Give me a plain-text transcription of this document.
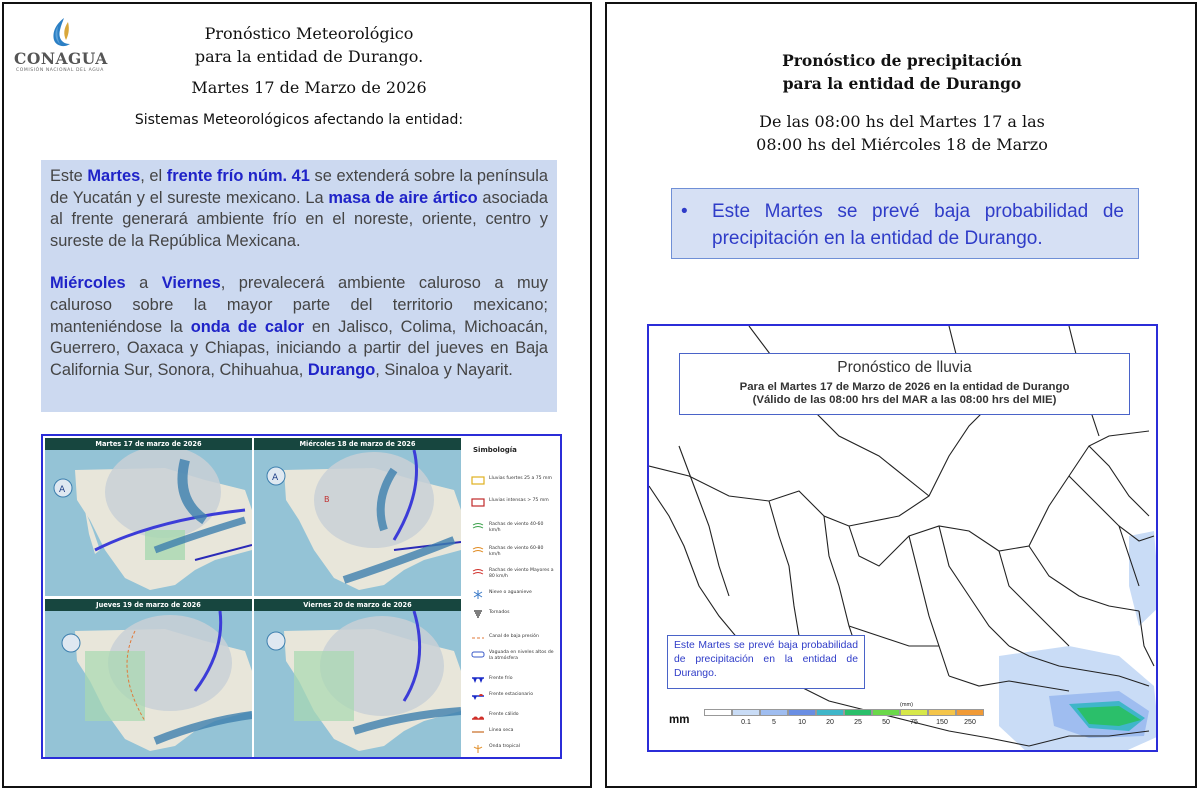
CONAGUA
COMISIÓN NACIONAL DEL AGUA
Pronóstico Meteorológico
para la entidad de Durango.
Martes 17 de Marzo de 2026
Sistemas Meteorológicos afectando la entidad:

Este Martes, el frente frío núm. 41 se extenderá sobre la península de Yucatán y el sureste mexicano. La masa de aire ártico asociada al frente generará ambiente frío en el noreste, oriente, centro y sureste de la República Mexicana.

Miércoles a Viernes, prevalecerá ambiente caluroso a muy caluroso sobre la mayor parte del territorio mexicano; manteniéndose la onda de calor en Jalisco, Colima, Michoacán, Guerrero, Oaxaca y Chiapas, iniciando a partir del jueves en Baja California Sur, Sonora, Chihuahua, Durango, Sinaloa y Nayarit.

Martes 17 de marzo de 2026
A
Miércoles 18 de marzo de 2026
A
B
Jueves 19 de marzo de 2026	Viernes 20 de marzo de 2026
Simbología
Lluvias fuertes 25 a 75 mm
Lluvias intensas > 75 mm
Rachas de viento 40-60 km/h
Rachas de viento 60-80 km/h
Rachas de viento Mayores a 80 km/h
Nieve o aguanieve
Tornados
Canal de baja presión
Vaguada en niveles altos de la atmósfera
Frente frío
Frente estacionario
Frente cálido
Línea seca
Onda tropical
Pronóstico de precipitación
para la entidad de Durango
De las 08:00 hs del Martes 17 a las
08:00 hs del Miércoles 18 de Marzo
• Este Martes se prevé baja probabilidad de precipitación en la entidad de Durango.
Pronóstico de lluvia
Para el Martes 17 de Marzo de 2026 en la entidad de Durango
(Válido de las 08:00 hrs del MAR a las 08:00 hrs del MIE)
Este Martes se prevé baja probabilidad de precipitación en la entidad de Durango.
mm
(mm)
0.1	5	10	20	25	50	75	150 250
